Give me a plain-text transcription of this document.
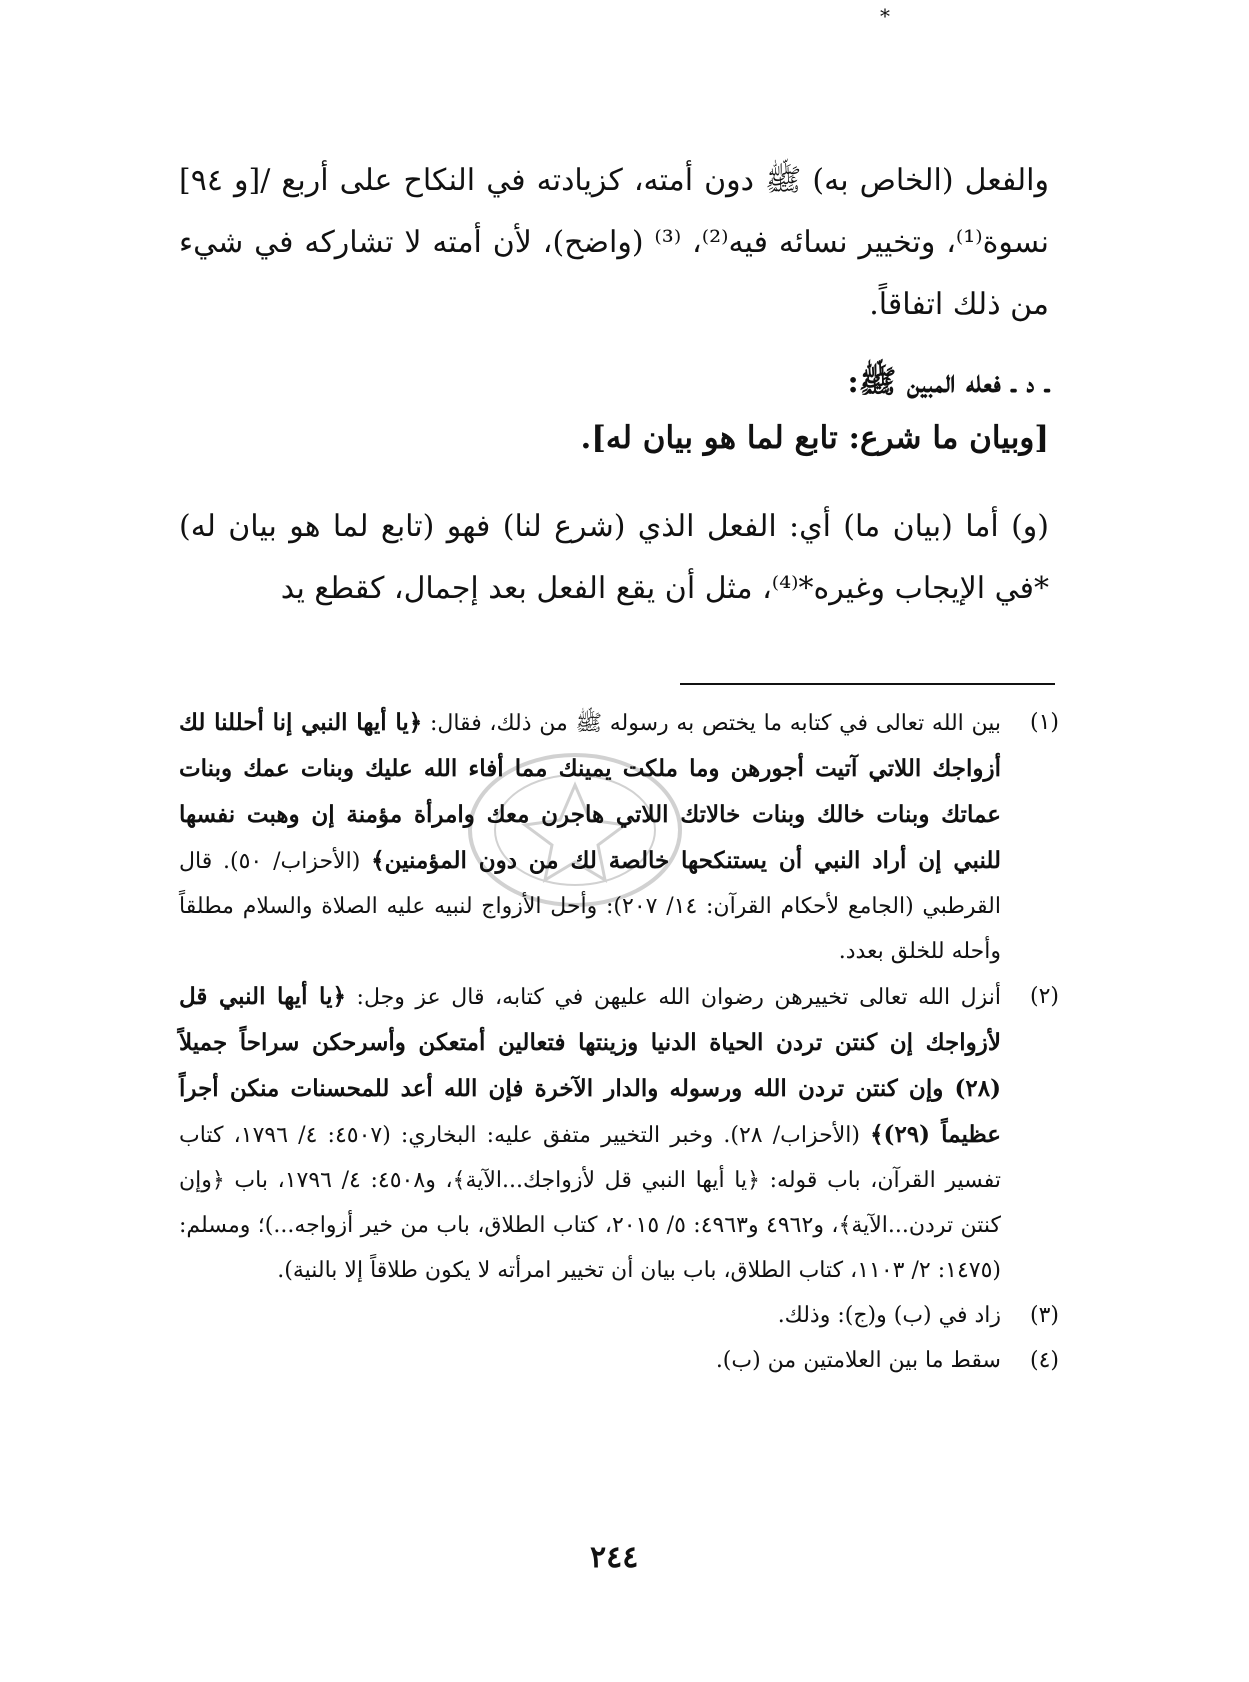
*

والفعل (الخاص به) ﷺ دون أمته، كزيادته في النكاح على أربع /[و ٩٤] نسوة⁽¹⁾، وتخيير نسائه فيه⁽²⁾، ⁽³⁾ (واضح)، لأن أمته لا تشاركه في شيء من ذلك اتفاقاً.

ـ د ـ فعله المبين ﷺ:

[وبيان ما شرع: تابع لما هو بيان له].

(و) أما (بيان ما) أي: الفعل الذي (شرع لنا) فهو (تابع لما هو بيان له) *في الإيجاب وغيره*⁽⁴⁾، مثل أن يقع الفعل بعد إجمال، كقطع يد

(١)
بين الله تعالى في كتابه ما يختص به رسوله ﷺ من ذلك، فقال: ﴿يا أيها النبي إنا أحللنا لك أزواجك اللاتي آتيت أجورهن وما ملكت يمينك مما أفاء الله عليك وبنات عمك وبنات عماتك وبنات خالك وبنات خالاتك اللاتي هاجرن معك وامرأة مؤمنة إن وهبت نفسها للنبي إن أراد النبي أن يستنكحها خالصة لك من دون المؤمنين﴾ (الأحزاب/ ٥٠). قال القرطبي (الجامع لأحكام القرآن: ١٤/ ٢٠٧): وأحل الأزواج لنبيه عليه الصلاة والسلام مطلقاً وأحله للخلق بعدد.
(٢)
أنزل الله تعالى تخييرهن رضوان الله عليهن في كتابه، قال عز وجل: ﴿يا أيها النبي قل لأزواجك إن كنتن تردن الحياة الدنيا وزينتها فتعالين أمتعكن وأسرحكن سراحاً جميلاً (٢٨) وإن كنتن تردن الله ورسوله والدار الآخرة فإن الله أعد للمحسنات منكن أجراً عظيماً (٢٩)﴾ (الأحزاب/ ٢٨). وخبر التخيير متفق عليه: البخاري: (٤٥٠٧: ٤/ ١٧٩٦، كتاب تفسير القرآن، باب قوله: ﴿يا أيها النبي قل لأزواجك...الآية﴾، و٤٥٠٨: ٤/ ١٧٩٦، باب ﴿وإن كنتن تردن...الآية﴾، و٤٩٦٢ و٤٩٦٣: ٥/ ٢٠١٥، كتاب الطلاق، باب من خير أزواجه...)؛ ومسلم: (١٤٧٥: ٢/ ١١٠٣، كتاب الطلاق، باب بيان أن تخيير امرأته لا يكون طلاقاً إلا بالنية).
(٣)
زاد في (ب) و(ج): وذلك.
(٤)
سقط ما بين العلامتين من (ب).
٢٤٤
